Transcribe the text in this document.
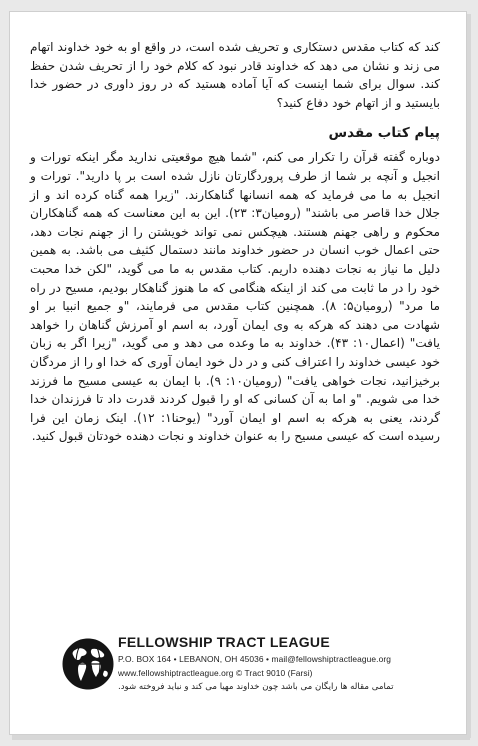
کند که کتاب مقدس دستکاری و تحریف شده است، در واقع او به خود خداوند اتهام می زند و نشان می دهد که خداوند قادر نبود که کلام خود را از تحریف شدن حفظ کند. سوال برای شما اینست که آیا آماده هستید که در روز داوری در حضور خدا بایستید و از اتهام خود دفاع کنید؟

پیام کتاب مقدس

دوباره گفته قرآن را تکرار می کنم، "شما هیچ موقعیتی ندارید مگر اینکه تورات و انجیل و آنچه بر شما از طرف پروردگارتان نازل شده است بر پا دارید". تورات و انجیل به ما می فرماید که همه انسانها گناهکارند. "زیرا همه گناه کرده اند و از جلال خدا قاصر می باشند" (رومیان۳: ۲۳). این به این معناست که همه گناهکاران محکوم و راهی جهنم هستند. هیچکس نمی تواند خویشتن را از جهنم نجات دهد، حتی اعمال خوب انسان در حضور خداوند مانند دستمال کثیف می باشد. به همین دلیل ما نیاز به نجات دهنده داریم. کتاب مقدس به ما می گوید، "لکن خدا محبت خود را در ما ثابت می کند از اینکه هنگامی که ما هنوز گناهکار بودیم، مسیح در راه ما مرد" (رومیان۵: ۸). همچنین کتاب مقدس می فرمایند، "و جمیع انبیا بر او شهادت می دهند که هرکه به وی ایمان آورد، به اسم او آمرزش گناهان را خواهد یافت" (اعمال۱۰: ۴۳). خداوند به ما وعده می دهد و می گوید، "زیرا اگر به زبان خود عیسی خداوند را اعتراف کنی و در دل خود ایمان آوری که خدا او را از مردگان برخیزانید، نجات خواهی یافت" (رومیان۱۰: ۹). با ایمان به عیسی مسیح ما فرزند خدا می شویم. "و اما به آن کسانی که او را قبول کردند قدرت داد تا فرزندان خدا گردند، یعنی به هرکه به اسم او ایمان آورد" (یوحنا۱: ۱۲). اینک زمان این فرا رسیده است که عیسی مسیح را به عنوان خداوند و نجات دهنده خودتان قبول کنید.

FELLOWSHIP TRACT LEAGUE
P.O. BOX 164 • LEBANON, OH 45036 • mail@fellowshiptractleague.org
www.fellowshiptractleague.org © Tract 9010 (Farsi)
تمامی مقاله ها رایگان می باشد چون خداوند مهیا می کند و نباید فروخته شود.
